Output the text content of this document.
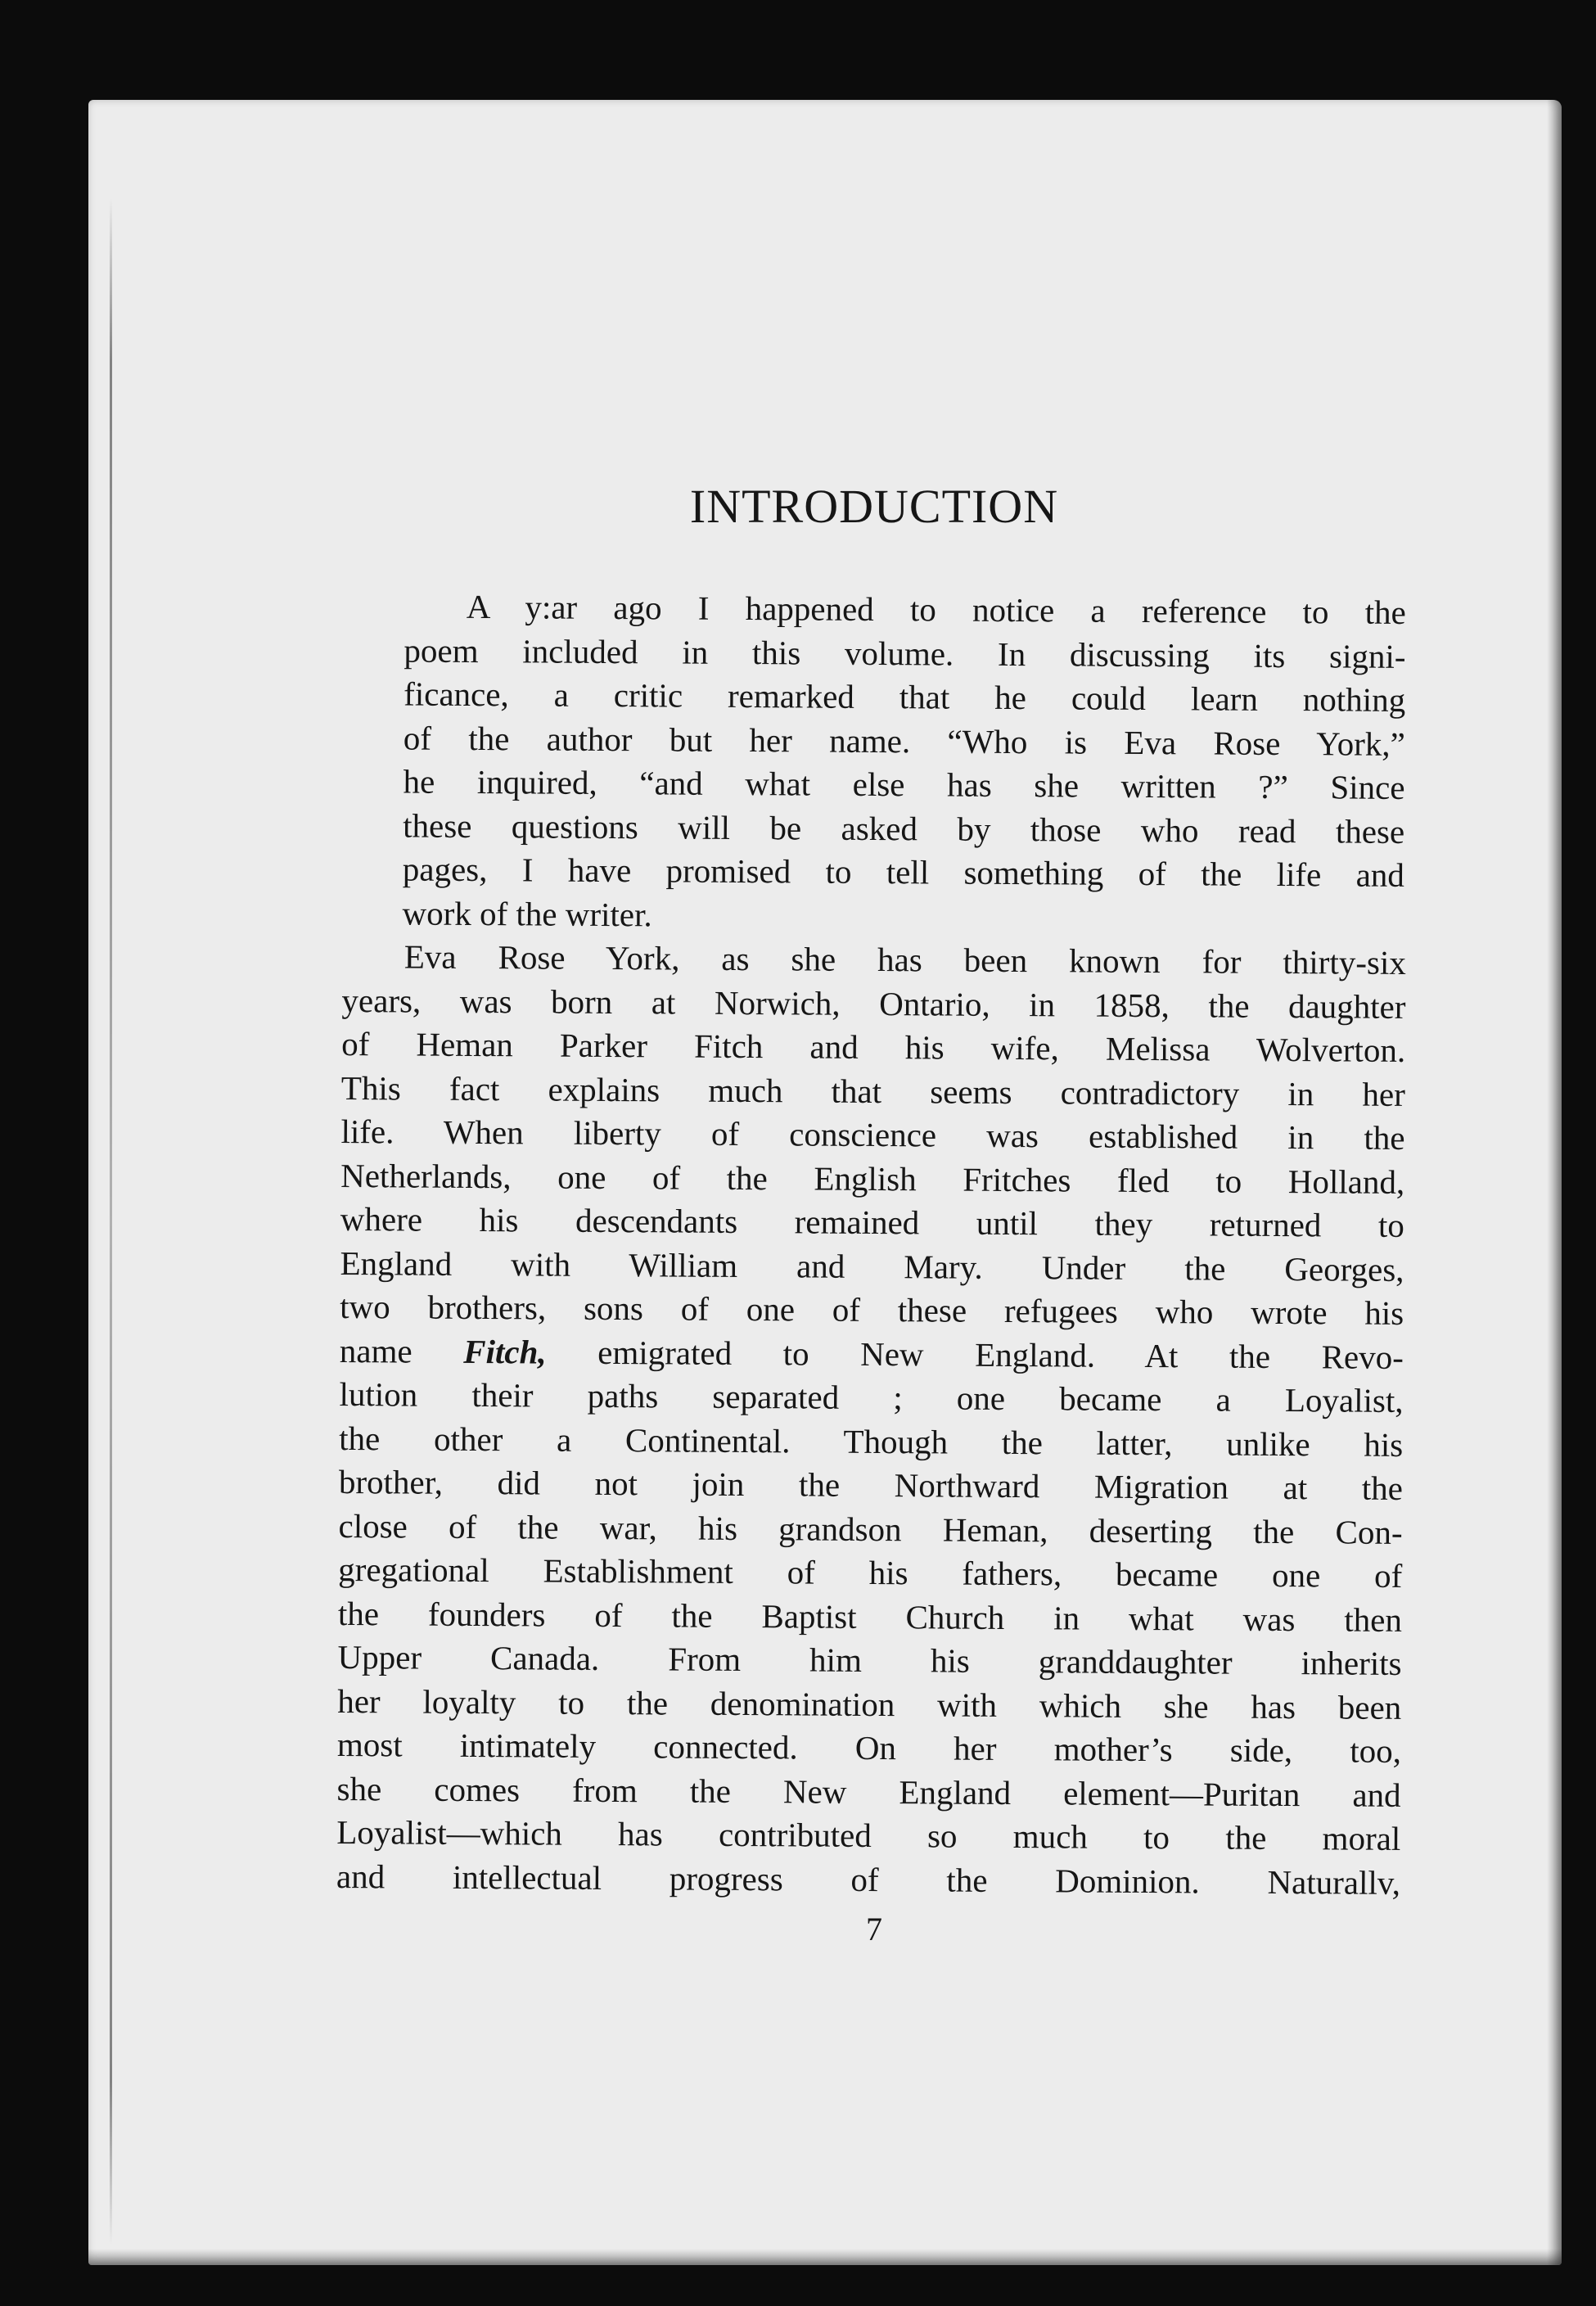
INTRODUCTION
A y:ar ago I happened to notice a reference to the
poem included in this volume. In discussing its signi-
ficance, a critic remarked that he could learn nothing
of the author but her name. “Who is Eva Rose York,”
he inquired, “and what else has she written ?” Since
these questions will be asked by those who read these
pages, I have promised to tell something of the life and
work of the writer.
Eva Rose York, as she has been known for thirty-six
years, was born at Norwich, Ontario, in 1858, the daughter
of Heman Parker Fitch and his wife, Melissa Wolverton.
This fact explains much that seems contradictory in her
life. When liberty of conscience was established in the
Netherlands, one of the English Fritches fled to Holland,
where his descendants remained until they returned to
England with William and Mary. Under the Georges,
two brothers, sons of one of these refugees who wrote his
name Fitch, emigrated to New England. At the Revo-
lution their paths separated ; one became a Loyalist,
the other a Continental. Though the latter, unlike his
brother, did not join the Northward Migration at the
close of the war, his grandson Heman, deserting the Con-
gregational Establishment of his fathers, became one of
the founders of the Baptist Church in what was then
Upper Canada. From him his granddaughter inherits
her loyalty to the denomination with which she has been
most intimately connected. On her mother’s side, too,
she comes from the New England element—Puritan and
Loyalist—which has contributed so much to the moral
and intellectual progress of the Dominion. Naturallv,
7
